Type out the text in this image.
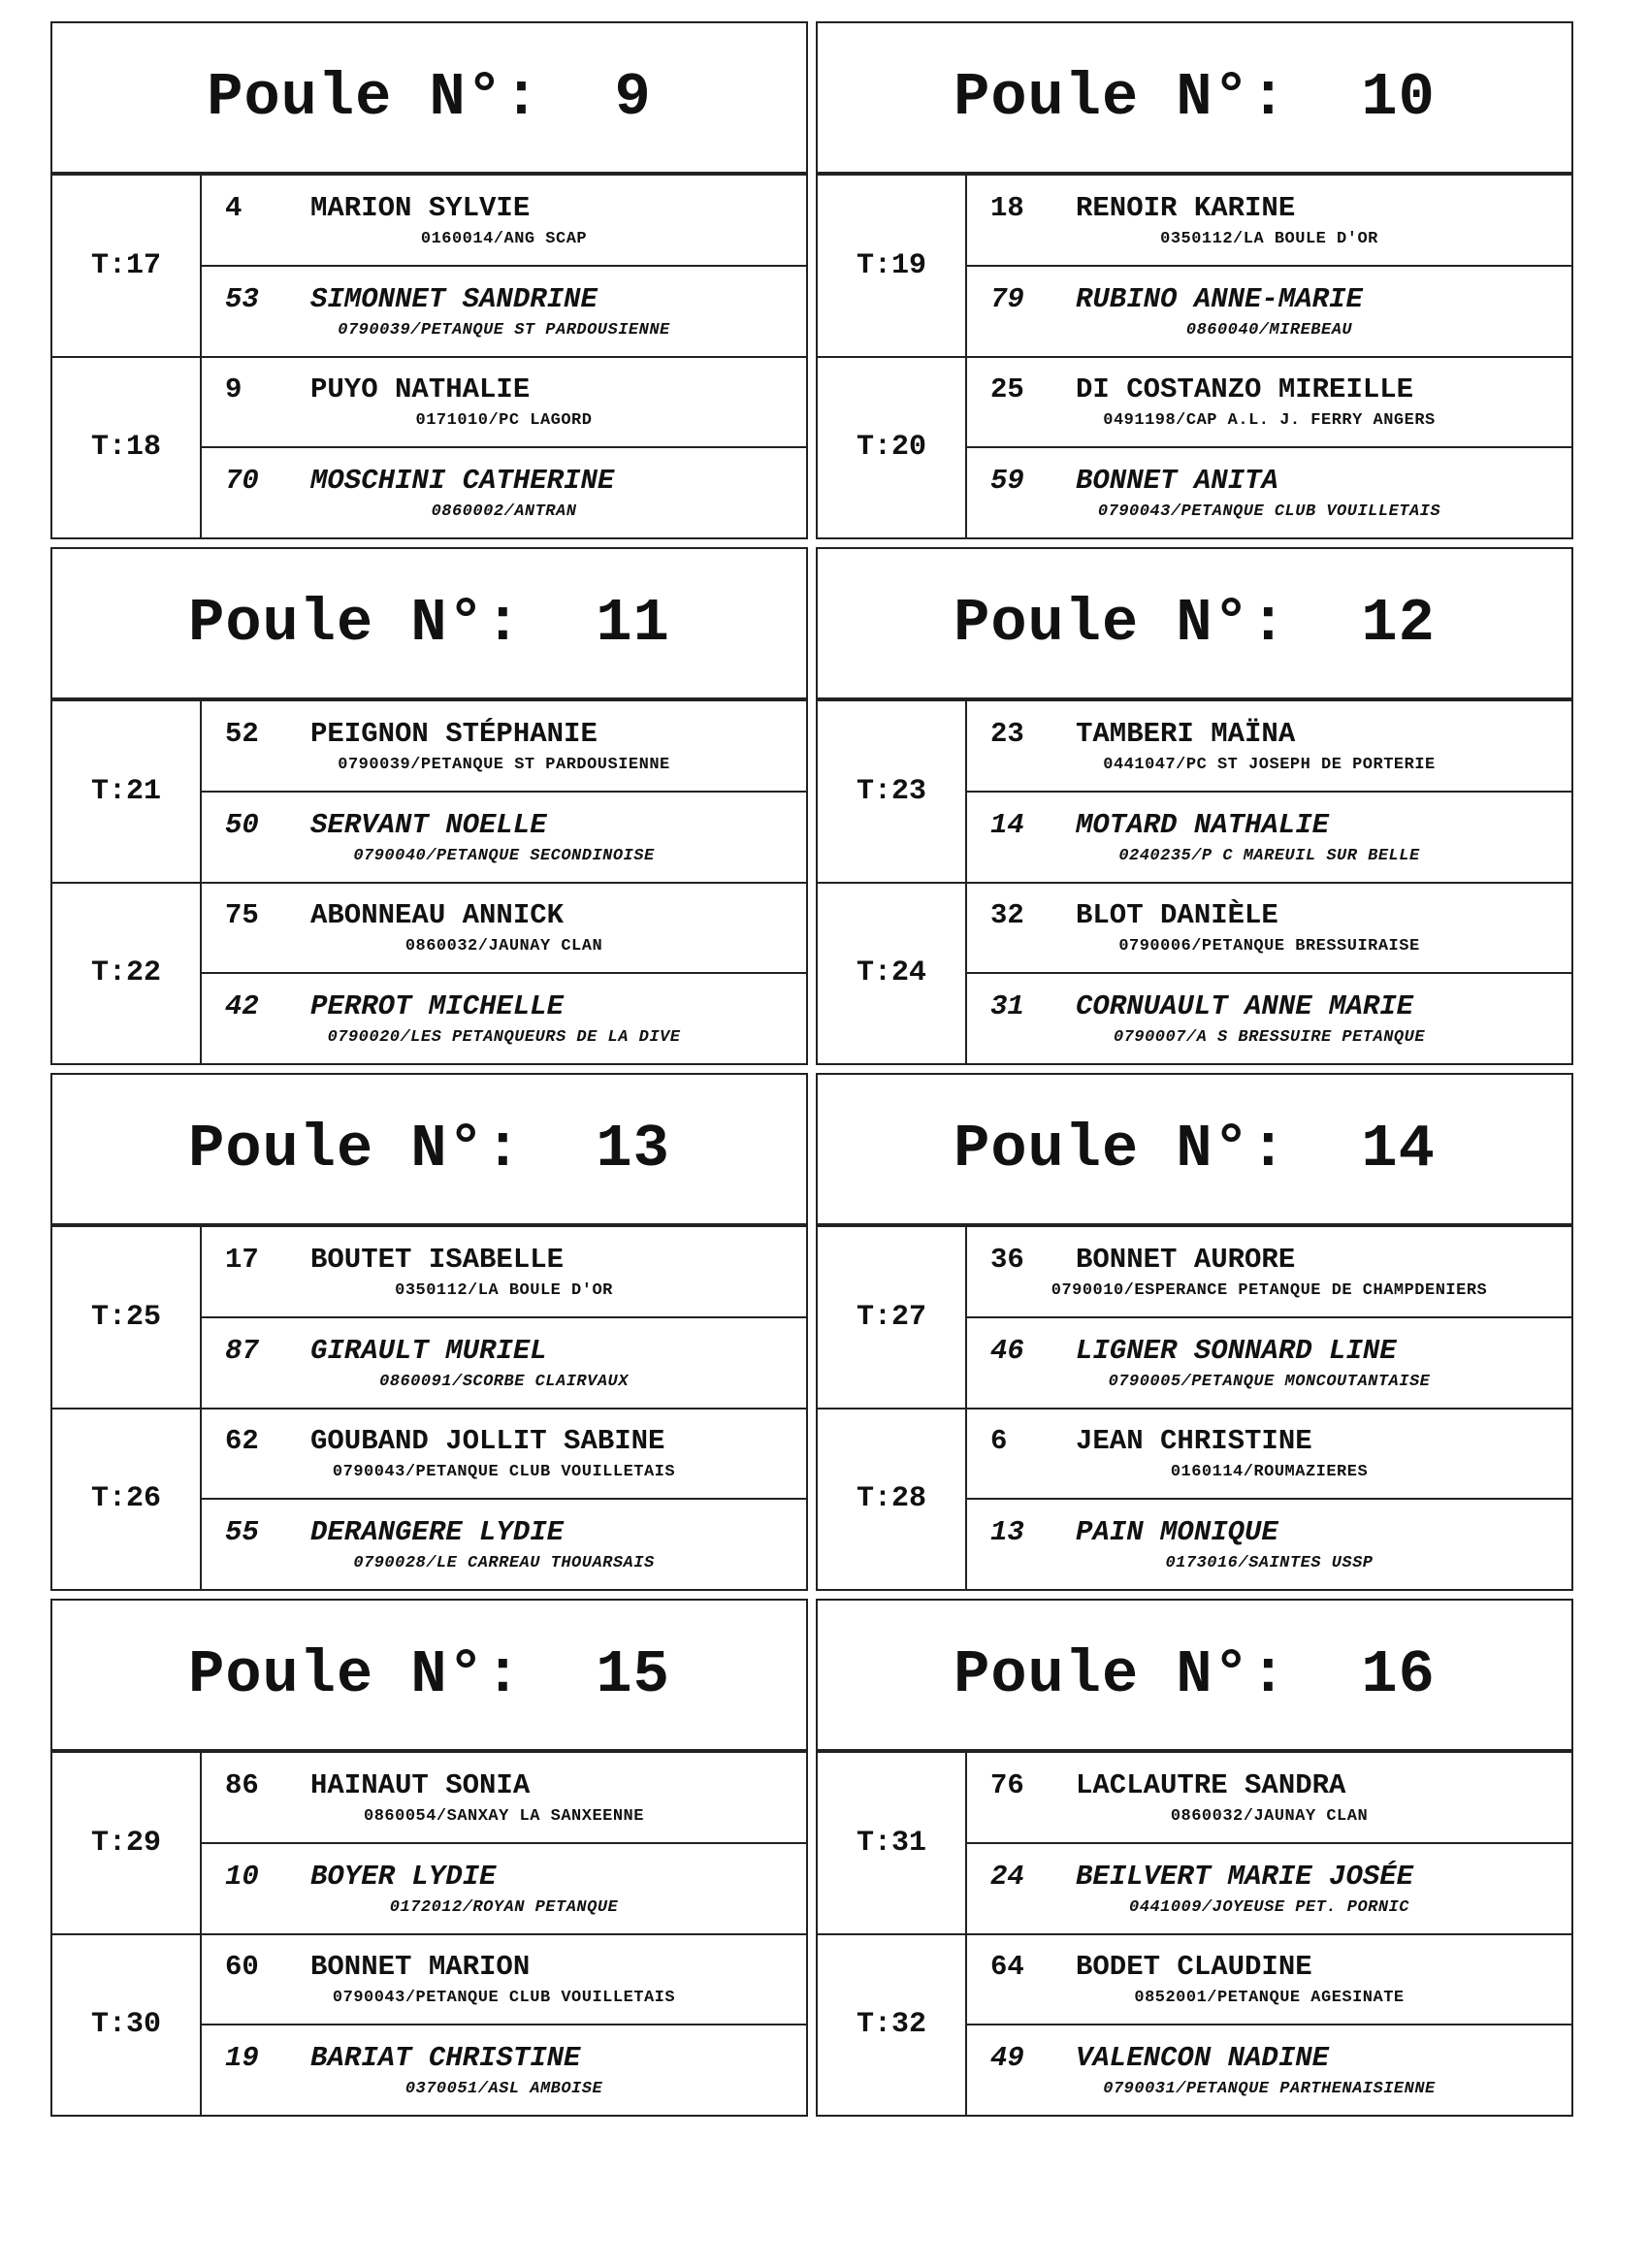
Poule N°:
9
T:17
4	MARION SYLVIE
0160014/ANG SCAP
53	SIMONNET SANDRINE
0790039/PETANQUE ST PARDOUSIENNE
T:18
9	PUYO NATHALIE
0171010/PC LAGORD
70	MOSCHINI CATHERINE
0860002/ANTRAN
Poule N°:
10
T:19
18	RENOIR KARINE
0350112/LA BOULE D'OR
79	RUBINO ANNE-MARIE
0860040/MIREBEAU
T:20
25	DI COSTANZO MIREILLE
0491198/CAP A.L. J. FERRY ANGERS
59	BONNET ANITA
0790043/PETANQUE CLUB VOUILLETAIS
Poule N°:
11
T:21
52	PEIGNON STÉPHANIE
0790039/PETANQUE ST PARDOUSIENNE
50	SERVANT NOELLE
0790040/PETANQUE SECONDINOISE
T:22
75	ABONNEAU ANNICK
0860032/JAUNAY CLAN
42	PERROT MICHELLE
0790020/LES PETANQUEURS DE LA DIVE
Poule N°:
12
T:23
23	TAMBERI MAÏNA
0441047/PC ST JOSEPH DE PORTERIE
14	MOTARD NATHALIE
0240235/P C MAREUIL SUR BELLE
T:24
32	BLOT DANIÈLE
0790006/PETANQUE BRESSUIRAISE
31	CORNUAULT ANNE MARIE
0790007/A S BRESSUIRE PETANQUE
Poule N°:
13
T:25
17	BOUTET ISABELLE
0350112/LA BOULE D'OR
87	GIRAULT MURIEL
0860091/SCORBE CLAIRVAUX
T:26
62	GOUBAND JOLLIT SABINE
0790043/PETANQUE CLUB VOUILLETAIS
55	DERANGERE LYDIE
0790028/LE CARREAU THOUARSAIS
Poule N°:
14
T:27
36	BONNET AURORE
0790010/ESPERANCE PETANQUE DE CHAMPDENIERS
46	LIGNER SONNARD LINE
0790005/PETANQUE MONCOUTANTAISE
T:28
6	JEAN CHRISTINE
0160114/ROUMAZIERES
13	PAIN MONIQUE
0173016/SAINTES USSP
Poule N°:
15
T:29
86	HAINAUT SONIA
0860054/SANXAY LA SANXEENNE
10	BOYER LYDIE
0172012/ROYAN PETANQUE
T:30
60	BONNET MARION
0790043/PETANQUE CLUB VOUILLETAIS
19	BARIAT CHRISTINE
0370051/ASL AMBOISE
Poule N°:
16
T:31
76	LACLAUTRE SANDRA
0860032/JAUNAY CLAN
24	BEILVERT MARIE JOSÉE
0441009/JOYEUSE PET. PORNIC
T:32
64	BODET CLAUDINE
0852001/PETANQUE AGESINATE
49	VALENCON NADINE
0790031/PETANQUE PARTHENAISIENNE
